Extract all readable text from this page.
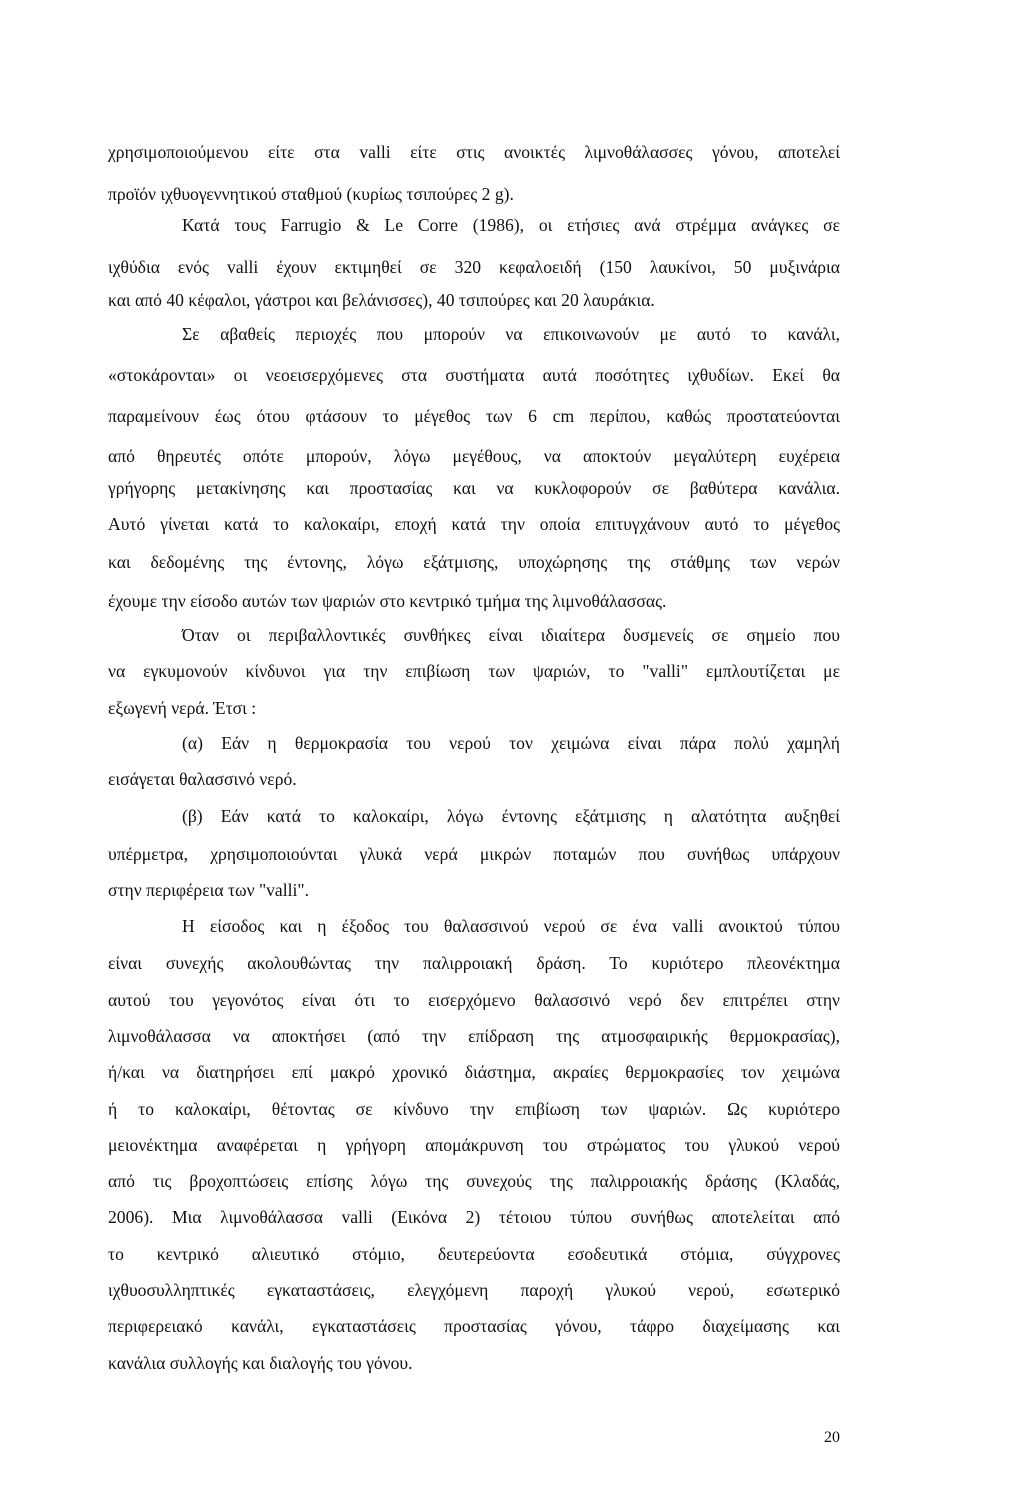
χρησιμοποιούμενου είτε στα valli είτε στις ανοικτές λιμνοθάλασσες γόνου, αποτελεί

προϊόν ιχθυογεννητικού σταθμού (κυρίως τσιπούρες 2 g).

Κατά τους Farrugio & Le Corre (1986), οι ετήσιες ανά στρέμμα ανάγκες σε

ιχθύδια ενός valli έχουν εκτιμηθεί σε 320 κεφαλοειδή (150 λαυκίνοι, 50 μυξινάρια

και από 40 κέφαλοι, γάστροι και βελάνισσες), 40 τσιπούρες και 20 λαυράκια.

Σε αβαθείς περιοχές που μπορούν να επικοινωνούν με αυτό το κανάλι,

«στοκάρονται» οι νεοεισερχόμενες στα συστήματα αυτά ποσότητες ιχθυδίων. Εκεί θα

παραμείνουν έως ότου φτάσουν το μέγεθος των 6 cm περίπου, καθώς προστατεύονται

από θηρευτές οπότε μπορούν, λόγω μεγέθους, να αποκτούν μεγαλύτερη ευχέρεια

γρήγορης μετακίνησης και προστασίας και να κυκλοφορούν σε βαθύτερα κανάλια.

Αυτό γίνεται κατά το καλοκαίρι, εποχή κατά την οποία επιτυγχάνουν αυτό το μέγεθος

και δεδομένης της έντονης, λόγω εξάτμισης, υποχώρησης της στάθμης των νερών

έχουμε την είσοδο αυτών των ψαριών στο κεντρικό τμήμα της λιμνοθάλασσας.

Όταν οι περιβαλλοντικές συνθήκες είναι ιδιαίτερα δυσμενείς σε σημείο που

να εγκυμονούν κίνδυνοι για την επιβίωση των ψαριών, το "valli" εμπλουτίζεται με

εξωγενή νερά. Έτσι :

(α) Εάν η θερμοκρασία του νερού τον χειμώνα είναι πάρα πολύ χαμηλή

εισάγεται θαλασσινό νερό.

(β) Εάν κατά το καλοκαίρι, λόγω έντονης εξάτμισης η αλατότητα αυξηθεί

υπέρμετρα, χρησιμοποιούνται γλυκά νερά μικρών ποταμών που συνήθως υπάρχουν

στην περιφέρεια των "valli".

Η είσοδος και η έξοδος του θαλασσινού νερού σε ένα valli ανοικτού τύπου

είναι συνεχής ακολουθώντας την παλιρροιακή δράση. Το κυριότερο πλεονέκτημα

αυτού του γεγονότος είναι ότι το εισερχόμενο θαλασσινό νερό δεν επιτρέπει στην

λιμνοθάλασσα να αποκτήσει (από την επίδραση της ατμοσφαιρικής θερμοκρασίας),

ή/και να διατηρήσει επί μακρό χρονικό διάστημα, ακραίες θερμοκρασίες τον χειμώνα

ή το καλοκαίρι, θέτοντας σε κίνδυνο την επιβίωση των ψαριών. Ως κυριότερο

μειονέκτημα αναφέρεται η γρήγορη απομάκρυνση του στρώματος του γλυκού νερού

από τις βροχοπτώσεις επίσης λόγω της συνεχούς της παλιρροιακής δράσης (Κλαδάς,

2006). Μια λιμνοθάλασσα valli (Εικόνα 2) τέτοιου τύπου συνήθως αποτελείται από

το κεντρικό αλιευτικό στόμιο, δευτερεύοντα εσοδευτικά στόμια, σύγχρονες

ιχθυοσυλληπτικές εγκαταστάσεις, ελεγχόμενη παροχή γλυκού νερού, εσωτερικό

περιφερειακό κανάλι, εγκαταστάσεις προστασίας γόνου, τάφρο διαχείμασης και

κανάλια συλλογής και διαλογής του γόνου.

20
